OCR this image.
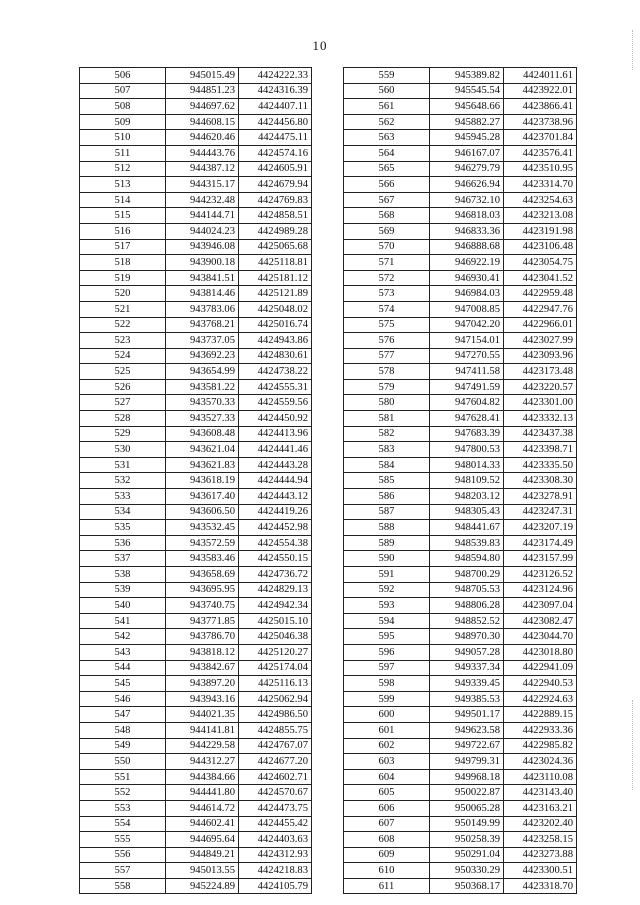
10
506	945015.49	4424222.33
507	944851.23	4424316.39
508	944697.62	4424407.11
509	944608.15	4424456.80
510	944620.46	4424475.11
511	944443.76	4424574.16
512	944387.12	4424605.91
513	944315.17	4424679.94
514	944232.48	4424769.83
515	944144.71	4424858.51
516	944024.23	4424989.28
517	943946.08	4425065.68
518	943900.18	4425118.81
519	943841.51	4425181.12
520	943814.46	4425121.89
521	943783.06	4425048.02
522	943768.21	4425016.74
523	943737.05	4424943.86
524	943692.23	4424830.61
525	943654.99	4424738.22
526	943581.22	4424555.31
527	943570.33	4424559.56
528	943527.33	4424450.92
529	943608.48	4424413.96
530	943621.04	4424441.46
531	943621.83	4424443.28
532	943618.19	4424444.94
533	943617.40	4424443.12
534	943606.50	4424419.26
535	943532.45	4424452.98
536	943572.59	4424554.38
537	943583.46	4424550.15
538	943658.69	4424736.72
539	943695.95	4424829.13
540	943740.75	4424942.34
541	943771.85	4425015.10
542	943786.70	4425046.38
543	943818.12	4425120.27
544	943842.67	4425174.04
545	943897.20	4425116.13
546	943943.16	4425062.94
547	944021.35	4424986.50
548	944141.81	4424855.75
549	944229.58	4424767.07
550	944312.27	4424677.20
551	944384.66	4424602.71
552	944441.80	4424570.67
553	944614.72	4424473.75
554	944602.41	4424455.42
555	944695.64	4424403.63
556	944849.21	4424312.93
557	945013.55	4424218.83
558	945224.89	4424105.79
559	945389.82	4424011.61
560	945545.54	4423922.01
561	945648.66	4423866.41
562	945882.27	4423738.96
563	945945.28	4423701.84
564	946167.07	4423576.41
565	946279.79	4423510.95
566	946626.94	4423314.70
567	946732.10	4423254.63
568	946818.03	4423213.08
569	946833.36	4423191.98
570	946888.68	4423106.48
571	946922.19	4423054.75
572	946930.41	4423041.52
573	946984.03	4422959.48
574	947008.85	4422947.76
575	947042.20	4422966.01
576	947154.01	4423027.99
577	947270.55	4423093.96
578	947411.58	4423173.48
579	947491.59	4423220.57
580	947604.82	4423301.00
581	947628.41	4423332.13
582	947683.39	4423437.38
583	947800.53	4423398.71
584	948014.33	4423335.50
585	948109.52	4423308.30
586	948203.12	4423278.91
587	948305.43	4423247.31
588	948441.67	4423207.19
589	948539.83	4423174.49
590	948594.80	4423157.99
591	948700.29	4423126.52
592	948705.53	4423124.96
593	948806.28	4423097.04
594	948852.52	4423082.47
595	948970.30	4423044.70
596	949057.28	4423018.80
597	949337.34	4422941.09
598	949339.45	4422940.53
599	949385.53	4422924.63
600	949501.17	4422889.15
601	949623.58	4422933.36
602	949722.67	4422985.82
603	949799.31	4423024.36
604	949968.18	4423110.08
605	950022.87	4423143.40
606	950065.28	4423163.21
607	950149.99	4423202.40
608	950258.39	4423258.15
609	950291.04	4423273.88
610	950330.29	4423300.51
611	950368.17	4423318.70
